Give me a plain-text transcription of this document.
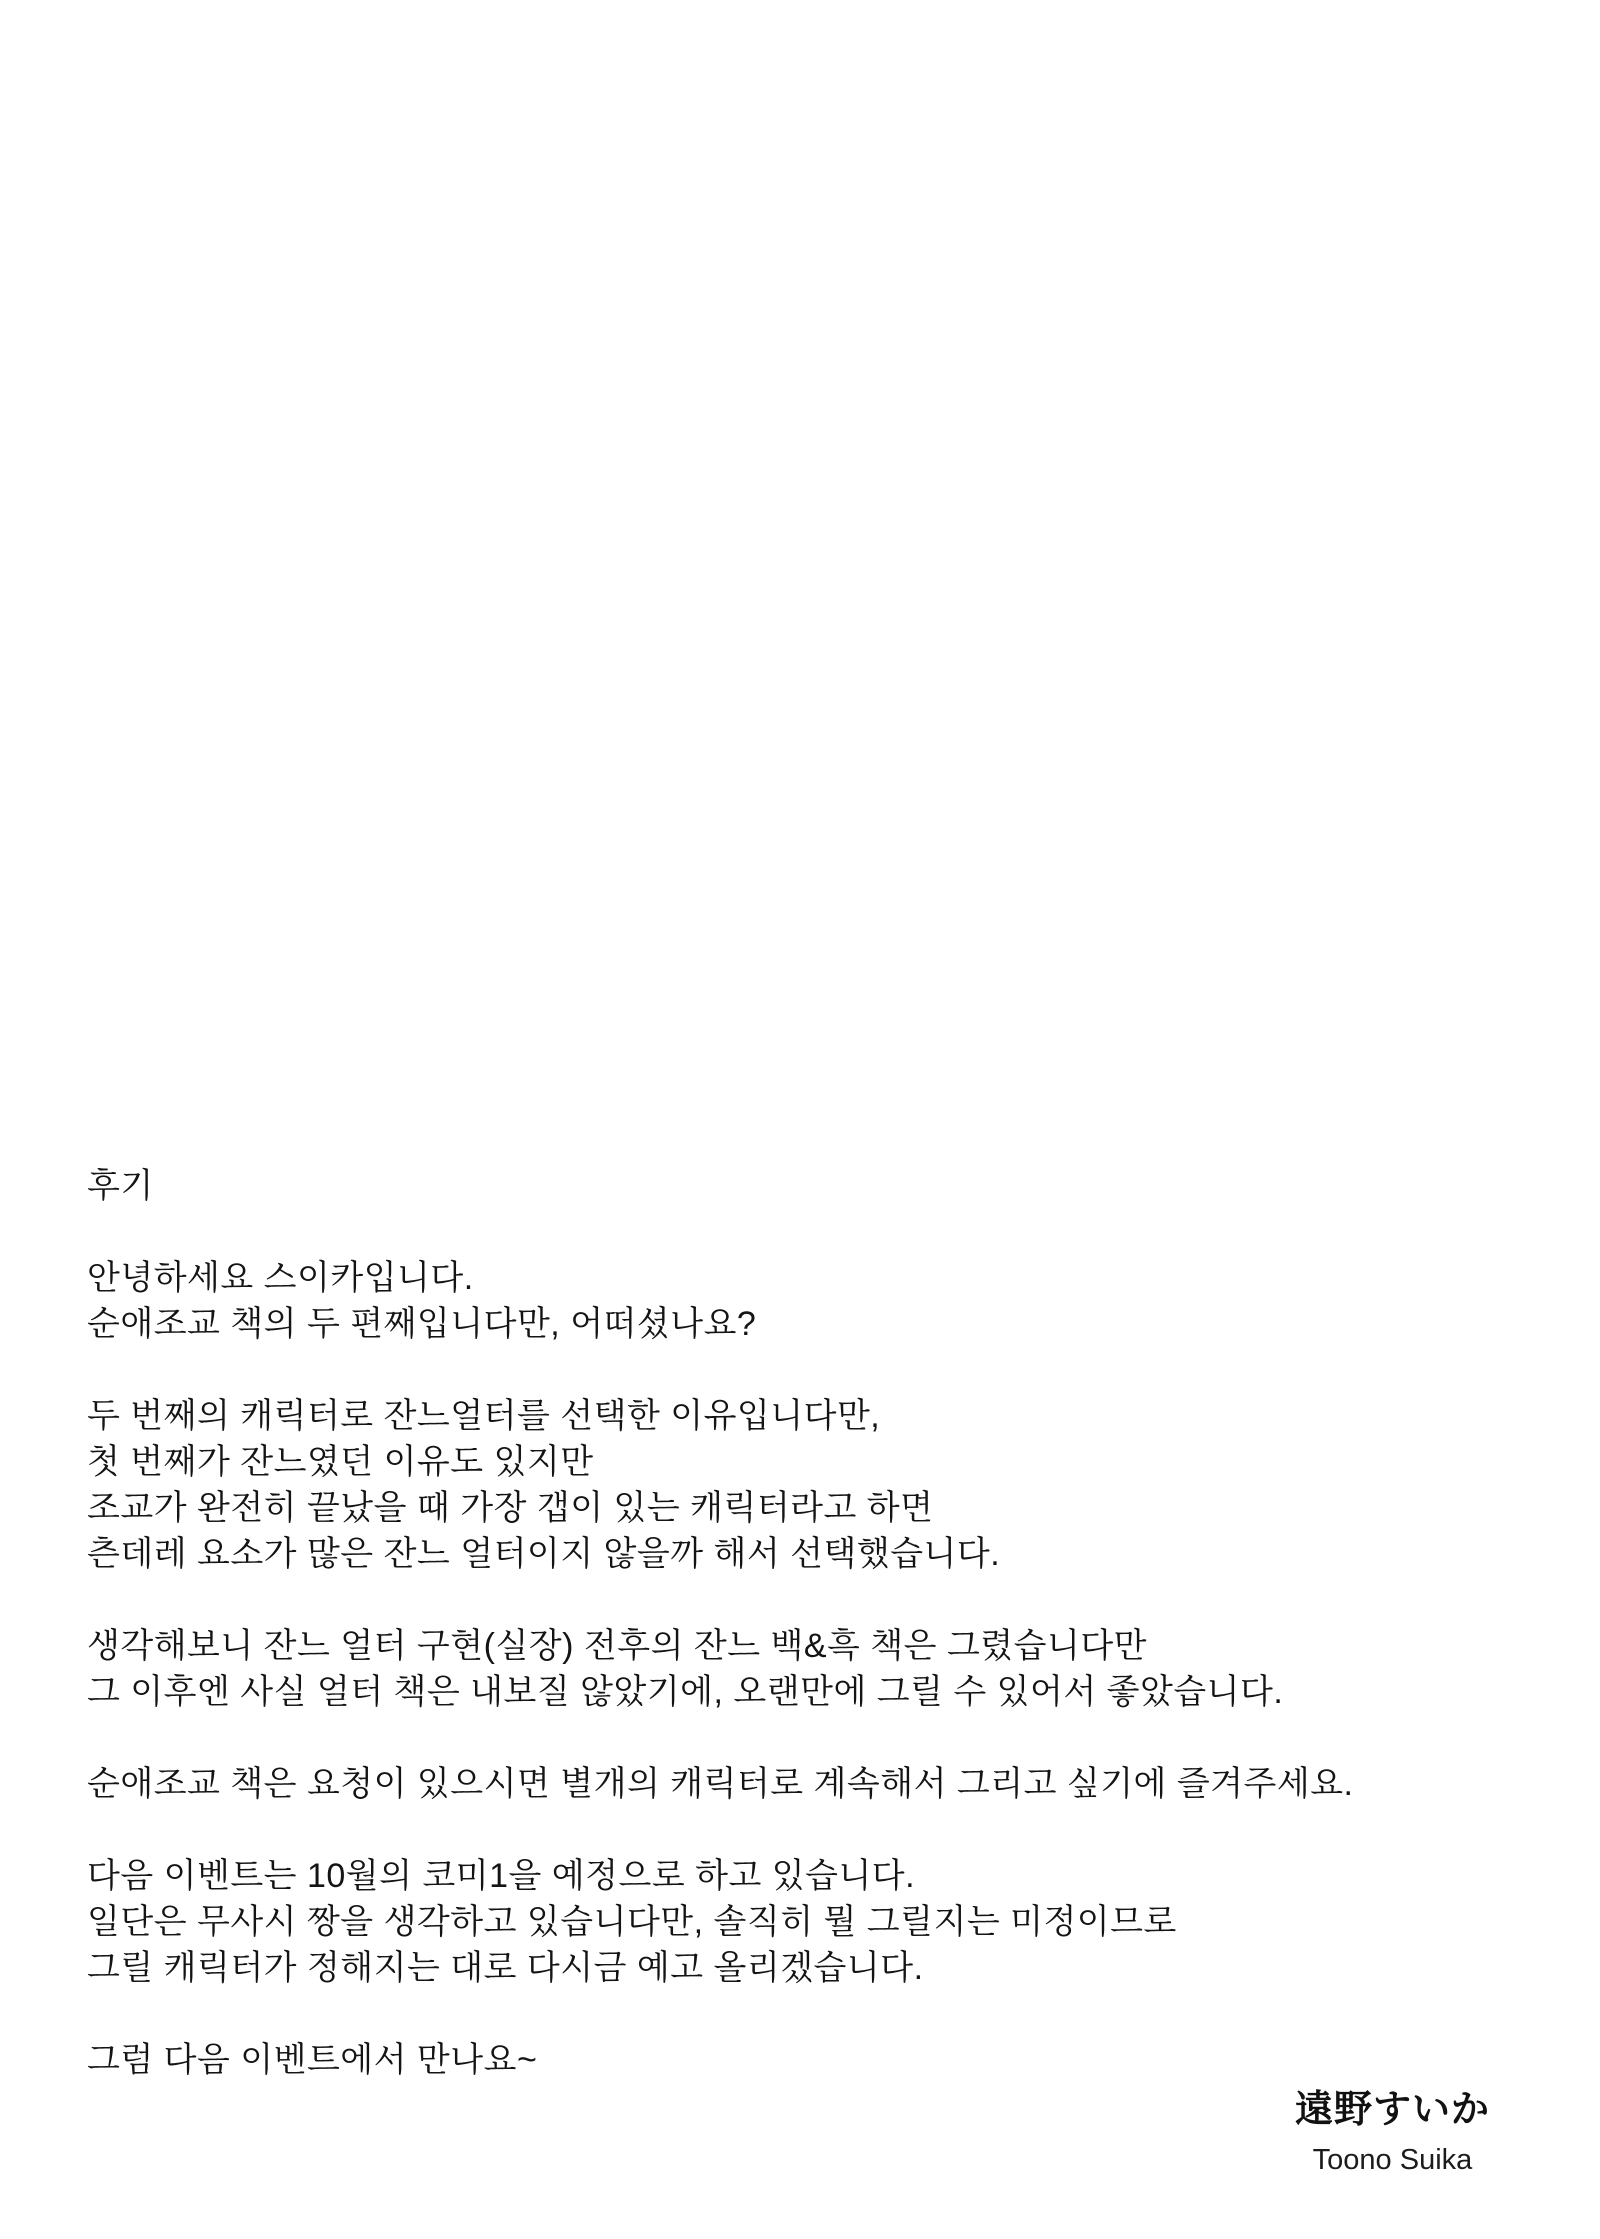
후기

안녕하세요 스이카입니다.
순애조교 책의 두 편째입니다만, 어떠셨나요?

두 번째의 캐릭터로 잔느얼터를 선택한 이유입니다만,
첫 번째가 잔느였던 이유도 있지만
조교가 완전히 끝났을 때 가장 갭이 있는 캐릭터라고 하면
츤데레 요소가 많은 잔느 얼터이지 않을까 해서 선택했습니다.

생각해보니 잔느 얼터 구현(실장) 전후의 잔느 백&흑 책은 그렸습니다만
그 이후엔 사실 얼터 책은 내보질 않았기에, 오랜만에 그릴 수 있어서 좋았습니다.

순애조교 책은 요청이 있으시면 별개의 캐릭터로 계속해서 그리고 싶기에 즐겨주세요.

다음 이벤트는 10월의 코미1을 예정으로 하고 있습니다.
일단은 무사시 짱을 생각하고 있습니다만, 솔직히 뭘 그릴지는 미정이므로
그릴 캐릭터가 정해지는 대로 다시금 예고 올리겠습니다.

그럼 다음 이벤트에서 만나요~

遠野すいか
Toono Suika
